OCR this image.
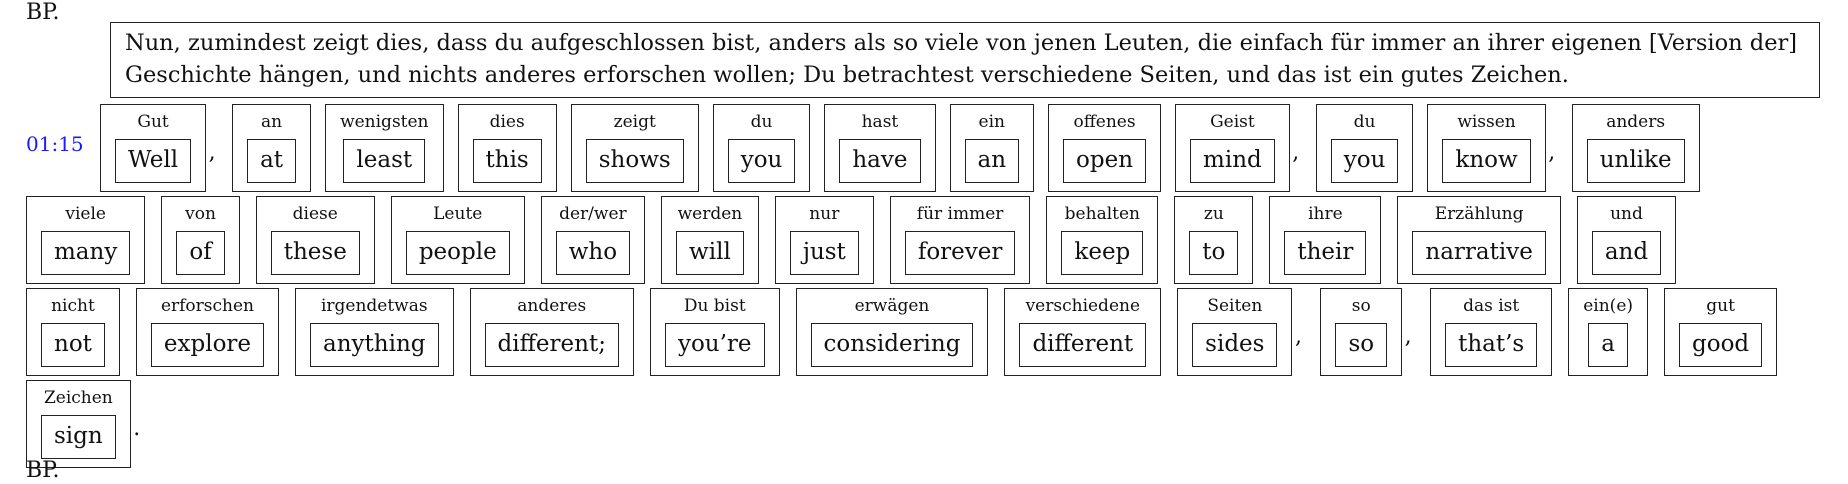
BP.
Nun, zumindest zeigt dies, dass du aufgeschlossen bist, anders als so viele von jenen Leuten, die einfach für immer an ihrer eigenen [Version der] Geschichte hängen, und nichts anderes erforschen wollen; Du betrachtest verschiedene Seiten, und das ist ein gutes Zeichen.
01:15
Gut
Well	,
an
at
wenigsten
least
dies
this
zeigt
shows
du
you
hast
have
ein
an
offenes
open
Geist
mind	,
du
you
wissen
know	,
anders
unlike
viele
many
von
of
diese
these
Leute
people
der/wer
who
werden
will
nur
just
für immer
forever
behalten
keep
zu
to
ihre
their
Erzählung
narrative
und
and
nicht
not
erforschen
explore
irgendetwas
anything
anderes
different;
Du bist
you’re
erwägen
considering
verschiedene
different
Seiten
sides	,
so
so	,
das ist
that’s
ein(e)
a
gut
good
Zeichen
sign	.
BP.
